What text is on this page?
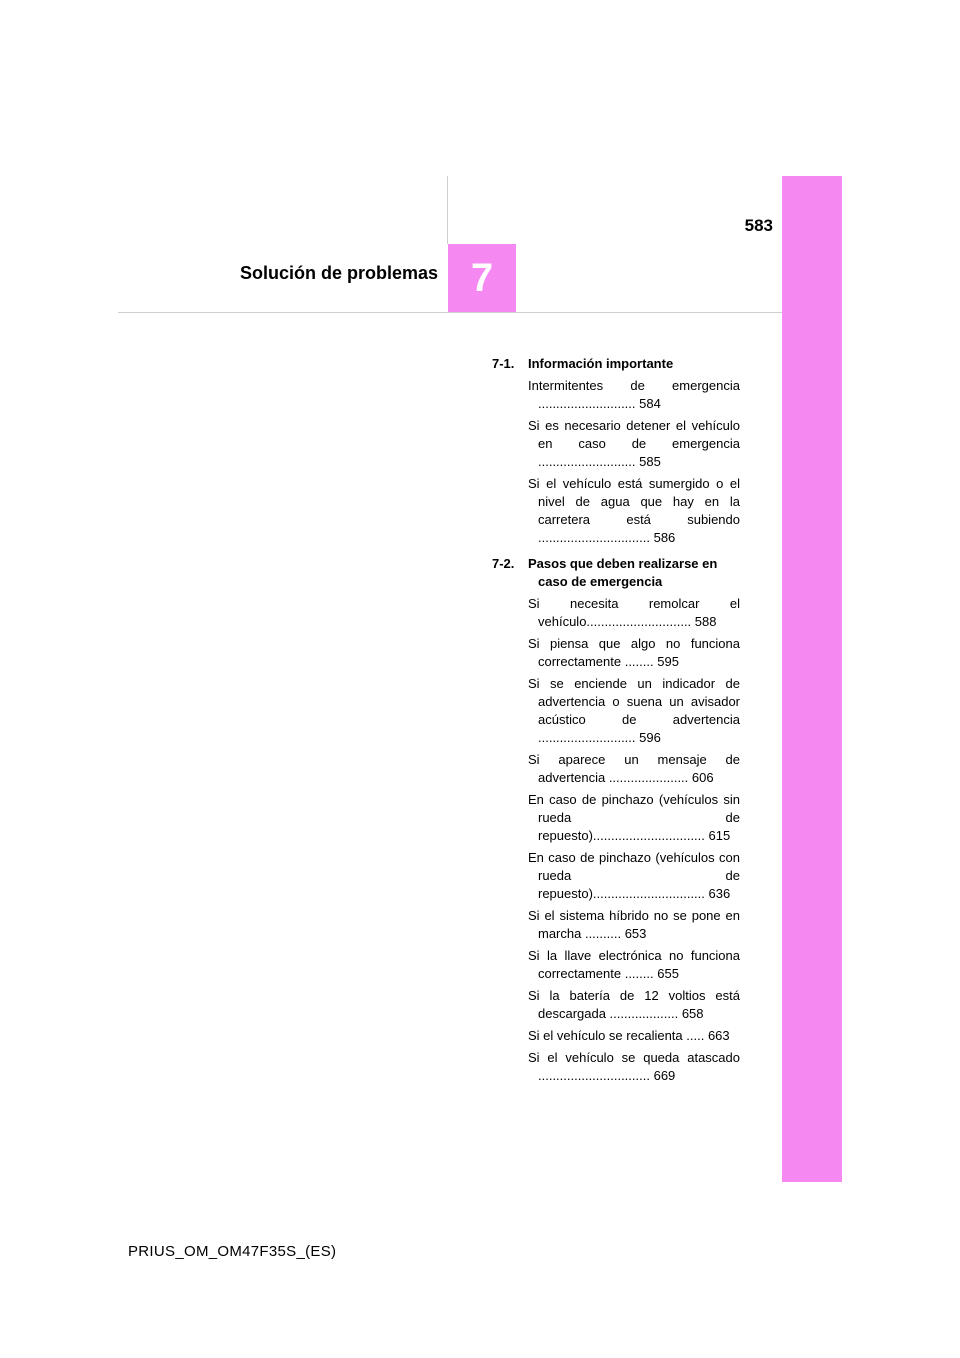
583
Solución de problemas 7
7-1. Información importante
Intermitentes de emergencia ........................... 584
Si es necesario detener el vehículo en caso de emergencia ........................... 585
Si el vehículo está sumergido o el nivel de agua que hay en la carretera está subiendo ............................... 586
7-2. Pasos que deben realizarse en caso de emergencia
Si necesita remolcar el vehículo............................. 588
Si piensa que algo no funciona correctamente ........ 595
Si se enciende un indicador de advertencia o suena un avisador acústico de advertencia ........................... 596
Si aparece un mensaje de advertencia ...................... 606
En caso de pinchazo (vehículos sin rueda de repuesto)............................... 615
En caso de pinchazo (vehículos con rueda de repuesto)............................... 636
Si el sistema híbrido no se pone en marcha .......... 653
Si la llave electrónica no funciona correctamente ........ 655
Si la batería de 12 voltios está descargada ................... 658
Si el vehículo se recalienta ..... 663
Si el vehículo se queda atascado ............................... 669
PRIUS_OM_OM47F35S_(ES)
